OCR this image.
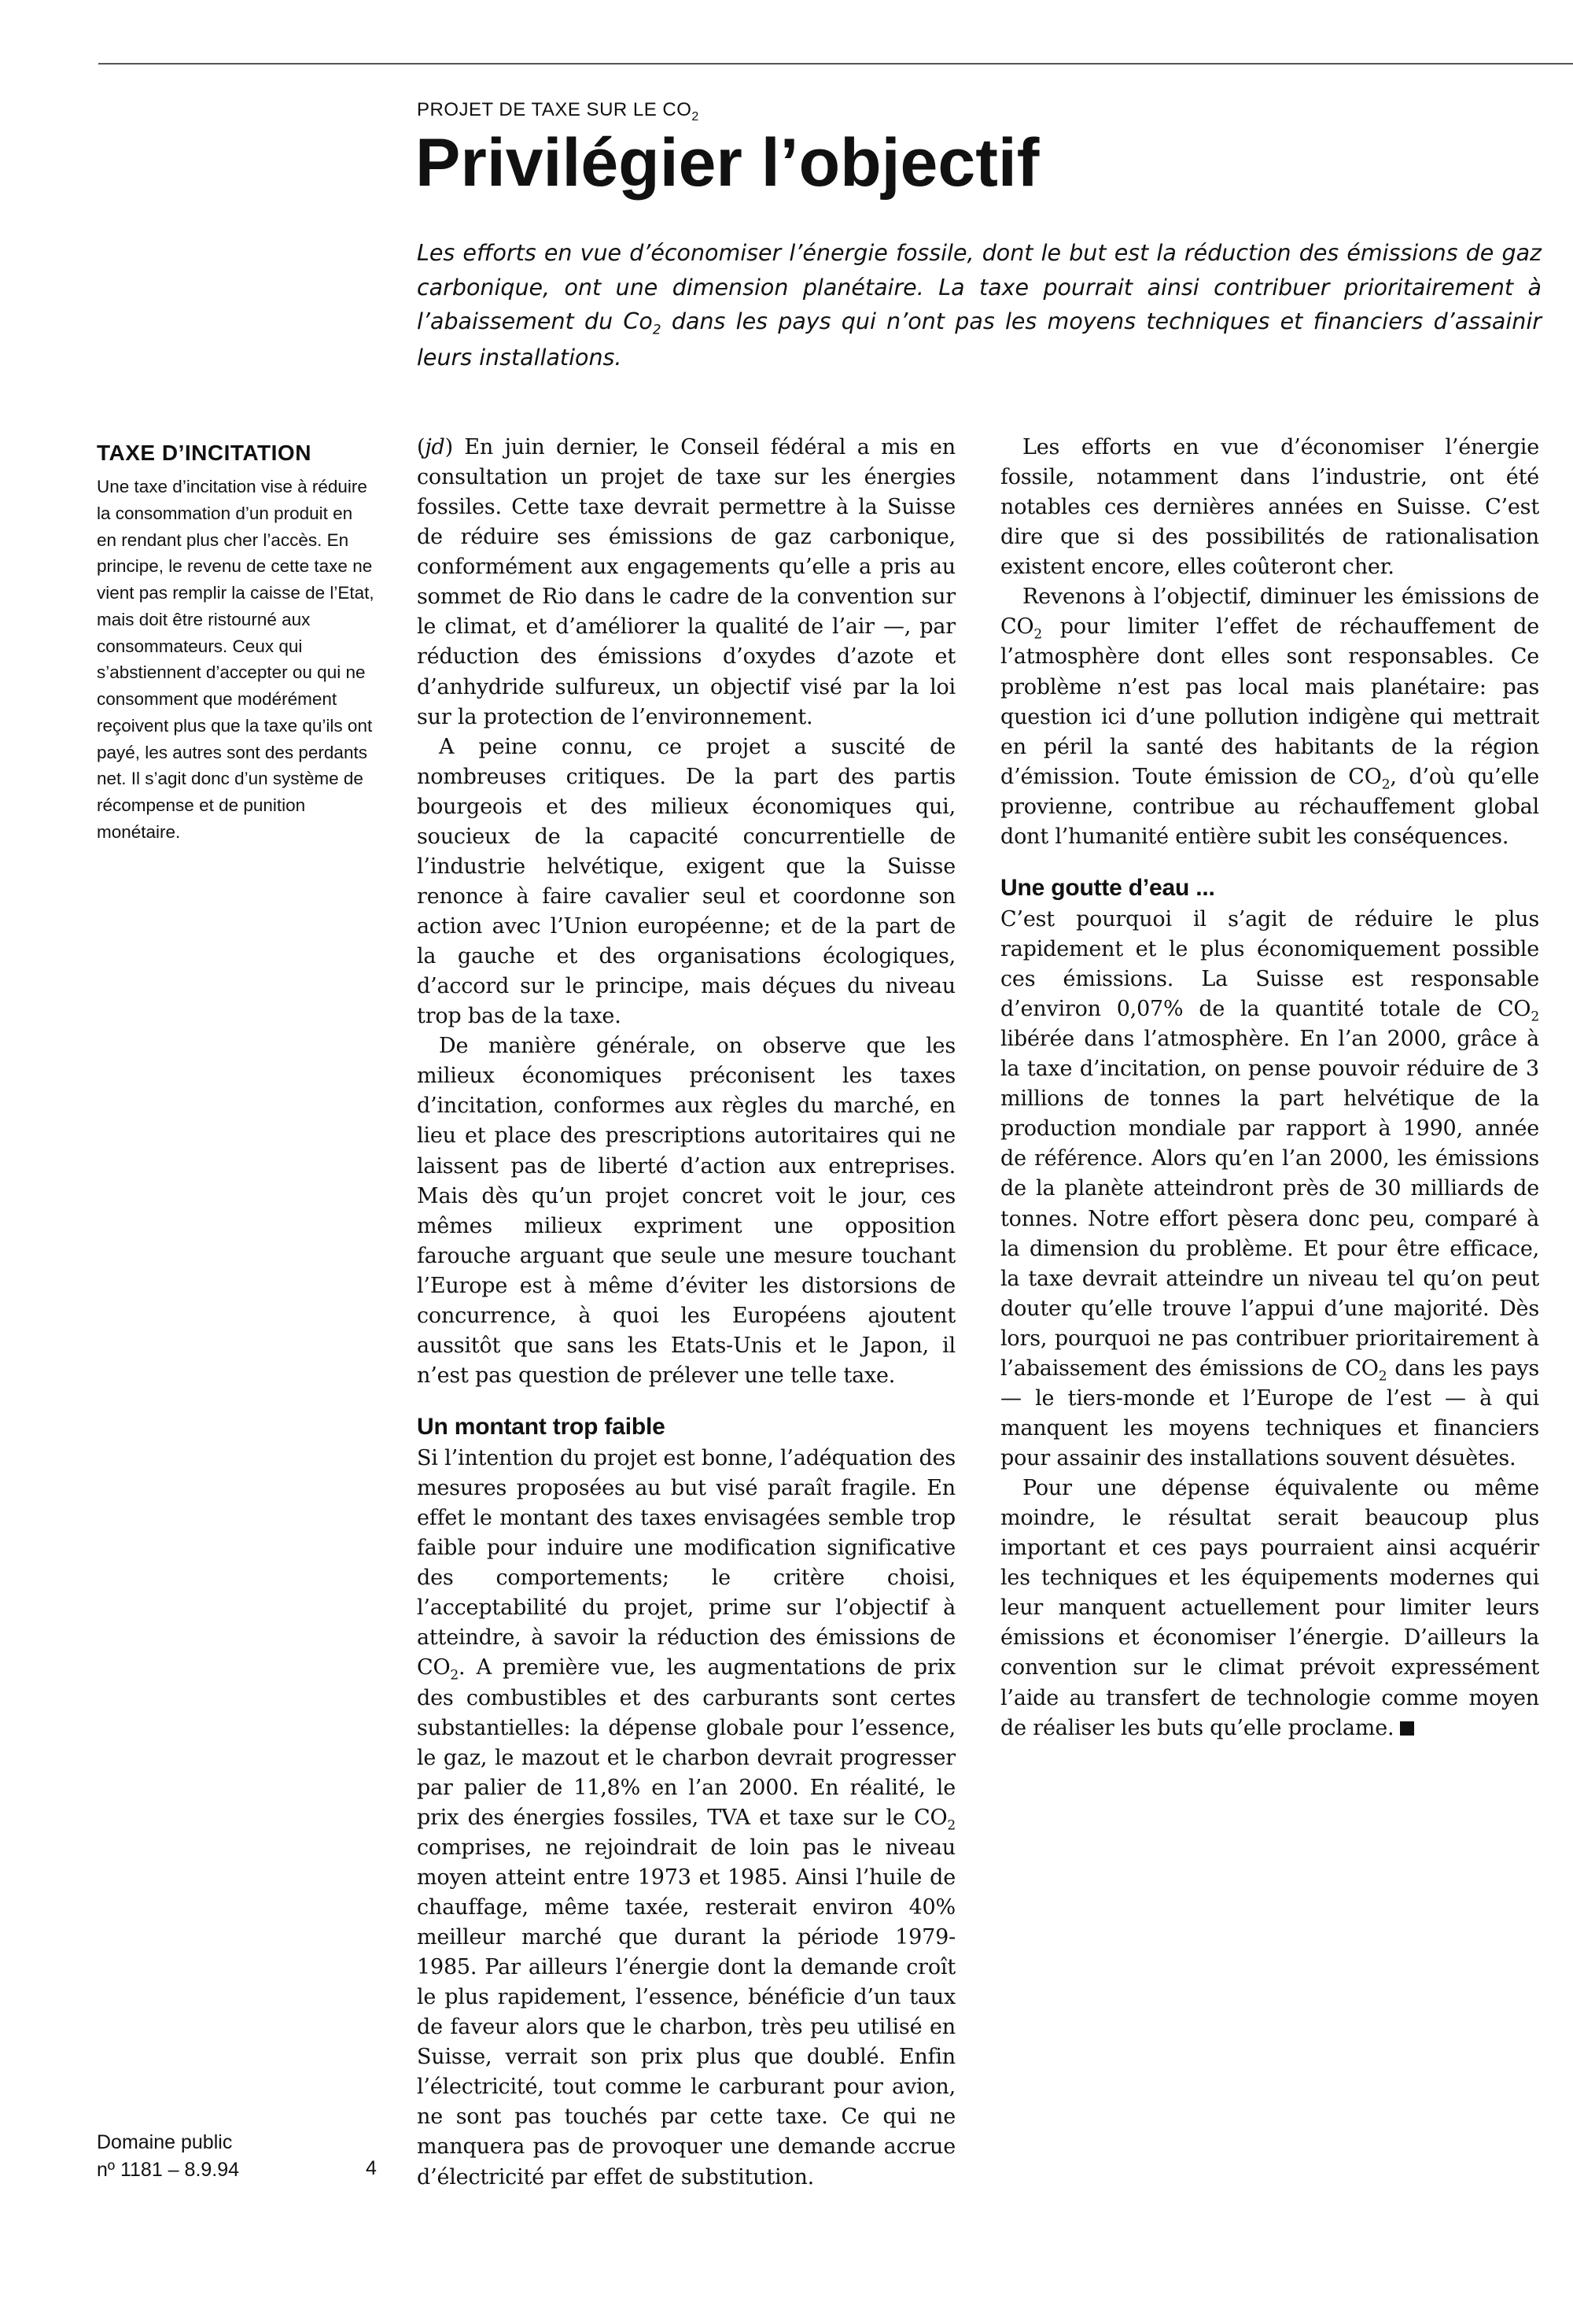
PROJET DE TAXE SUR LE $CO_2$
Privilégier l’objectif

Les efforts en vue d’économiser l’énergie fossile, dont le but est la réduction des émissions de gaz carbonique, ont une dimension planétaire. La taxe pourrait ainsi contribuer prioritairement à l’abaissement du $Co_2$ dans les pays qui n’ont pas les moyens techniques et financiers d’assainir leurs installations.

TAXE D’INCITATION

Une taxe d’incitation vise à réduire la consommation d’un produit en en rendant plus cher l’accès. En principe, le revenu de cette taxe ne vient pas remplir la caisse de l’Etat, mais doit être ristourné aux consommateurs. Ceux qui s’abstiennent d’accepter ou qui ne consomment que modérément reçoivent plus que la taxe qu’ils ont payé, les autres sont des perdants net. Il s’agit donc d’un système de récompense et de punition monétaire.

Domaine public
nº 1181 – 8.9.94	4

(jd) En juin dernier, le Conseil fédéral a mis en consultation un projet de taxe sur les énergies fossiles. Cette taxe devrait permettre à la Suisse de réduire ses émissions de gaz carbonique, conformément aux engagements qu’elle a pris au sommet de Rio dans le cadre de la convention sur le climat, et d’améliorer la qualité de l’air —, par réduction des émissions d’oxydes d’azote et d’anhydride sulfureux, un objectif visé par la loi sur la protection de l’environnement.

A peine connu, ce projet a suscité de nombreuses critiques. De la part des partis bourgeois et des milieux économiques qui, soucieux de la capacité concurrentielle de l’industrie helvétique, exigent que la Suisse renonce à faire cavalier seul et coordonne son action avec l’Union européenne; et de la part de la gauche et des organisations écologiques, d’accord sur le principe, mais déçues du niveau trop bas de la taxe.

De manière générale, on observe que les milieux économiques préconisent les taxes d’incitation, conformes aux règles du marché, en lieu et place des prescriptions autoritaires qui ne laissent pas de liberté d’action aux entreprises. Mais dès qu’un projet concret voit le jour, ces mêmes milieux expriment une opposition farouche arguant que seule une mesure touchant l’Europe est à même d’éviter les distorsions de concurrence, à quoi les Européens ajoutent aussitôt que sans les Etats-Unis et le Japon, il n’est pas question de prélever une telle taxe.

Un montant trop faible

Si l’intention du projet est bonne, l’adéquation des mesures proposées au but visé paraît fragile. En effet le montant des taxes envisagées semble trop faible pour induire une modification significative des comportements; le critère choisi, l’acceptabilité du projet, prime sur l’objectif à atteindre, à savoir la réduction des émissions de $CO_2$. A première vue, les augmentations de prix des combustibles et des carburants sont certes substantielles: la dépense globale pour l’essence, le gaz, le mazout et le charbon devrait progresser par palier de 11,8% en l’an 2000. En réalité, le prix des énergies fossiles, TVA et taxe sur le $CO_2$ comprises, ne rejoindrait de loin pas le niveau moyen atteint entre 1973 et 1985. Ainsi l’huile de chauffage, même taxée, resterait environ 40% meilleur marché que durant la période 1979-1985. Par ailleurs l’énergie dont la demande croît le plus rapidement, l’essence, bénéficie d’un taux de faveur alors que le charbon, très peu utilisé en Suisse, verrait son prix plus que doublé. Enfin l’électricité, tout comme le carburant pour avion, ne sont pas touchés par cette taxe. Ce qui ne manquera pas de provoquer une demande accrue d’électricité par effet de substitution.

Les efforts en vue d’économiser l’énergie fossile, notamment dans l’industrie, ont été notables ces dernières années en Suisse. C’est dire que si des possibilités de rationalisation existent encore, elles coûteront cher.

Revenons à l’objectif, diminuer les émissions de $CO_2$ pour limiter l’effet de réchauffement de l’atmosphère dont elles sont responsables. Ce problème n’est pas local mais planétaire: pas question ici d’une pollution indigène qui mettrait en péril la santé des habitants de la région d’émission. Toute émission de $CO_2$, d’où qu’elle provienne, contribue au réchauffement global dont l’humanité entière subit les conséquences.

Une goutte d’eau ...

C’est pourquoi il s’agit de réduire le plus rapidement et le plus économiquement possible ces émissions. La Suisse est responsable d’environ 0,07% de la quantité totale de $CO_2$ libérée dans l’atmosphère. En l’an 2000, grâce à la taxe d’incitation, on pense pouvoir réduire de 3 millions de tonnes la part helvétique de la production mondiale par rapport à 1990, année de référence. Alors qu’en l’an 2000, les émissions de la planète atteindront près de 30 milliards de tonnes. Notre effort pèsera donc peu, comparé à la dimension du problème. Et pour être efficace, la taxe devrait atteindre un niveau tel qu’on peut douter qu’elle trouve l’appui d’une majorité. Dès lors, pourquoi ne pas contribuer prioritairement à l’abaissement des émissions de $CO_2$ dans les pays — le tiers-monde et l’Europe de l’est — à qui manquent les moyens techniques et financiers pour assainir des installations souvent désuètes.

Pour une dépense équivalente ou même moindre, le résultat serait beaucoup plus important et ces pays pourraient ainsi acquérir les techniques et les équipements modernes qui leur manquent actuellement pour limiter leurs émissions et économiser l’énergie. D’ailleurs la convention sur le climat prévoit expressément l’aide au transfert de technologie comme moyen de réaliser les buts qu’elle proclame.
